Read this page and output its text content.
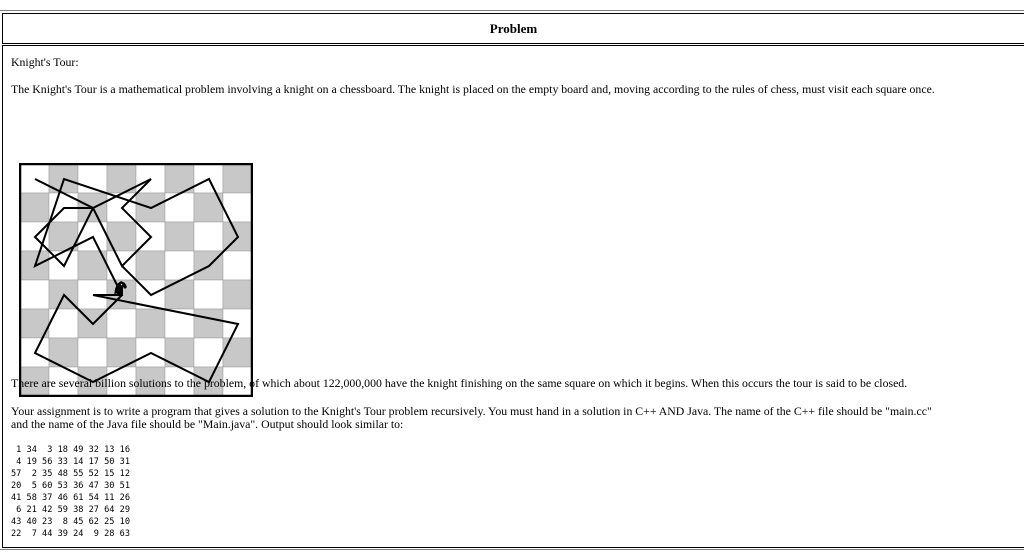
Problem
Knight's Tour:
The Knight's Tour is a mathematical problem involving a knight on a chessboard. The knight is placed on the empty board and, moving according to the rules of chess, must visit each square once.
There are several billion solutions to the problem, of which about 122,000,000 have the knight finishing on the same square on which it begins. When this occurs the tour is said to be closed.
Your assignment is to write a program that gives a solution to the Knight's Tour problem recursively. You must hand in a solution in C++ AND Java. The name of the C++ file should be "main.cc"
and the name of the Java file should be "Main.java". Output should look similar to:
1 34  3 18 49 32 13 16
4 19 56 33 14 17 50 31
57  2 35 48 55 52 15 12
20  5 60 53 36 47 30 51
41 58 37 46 61 54 11 26
6 21 42 59 38 27 64 29
43 40 23  8 45 62 25 10
22  7 44 39 24  9 28 63
